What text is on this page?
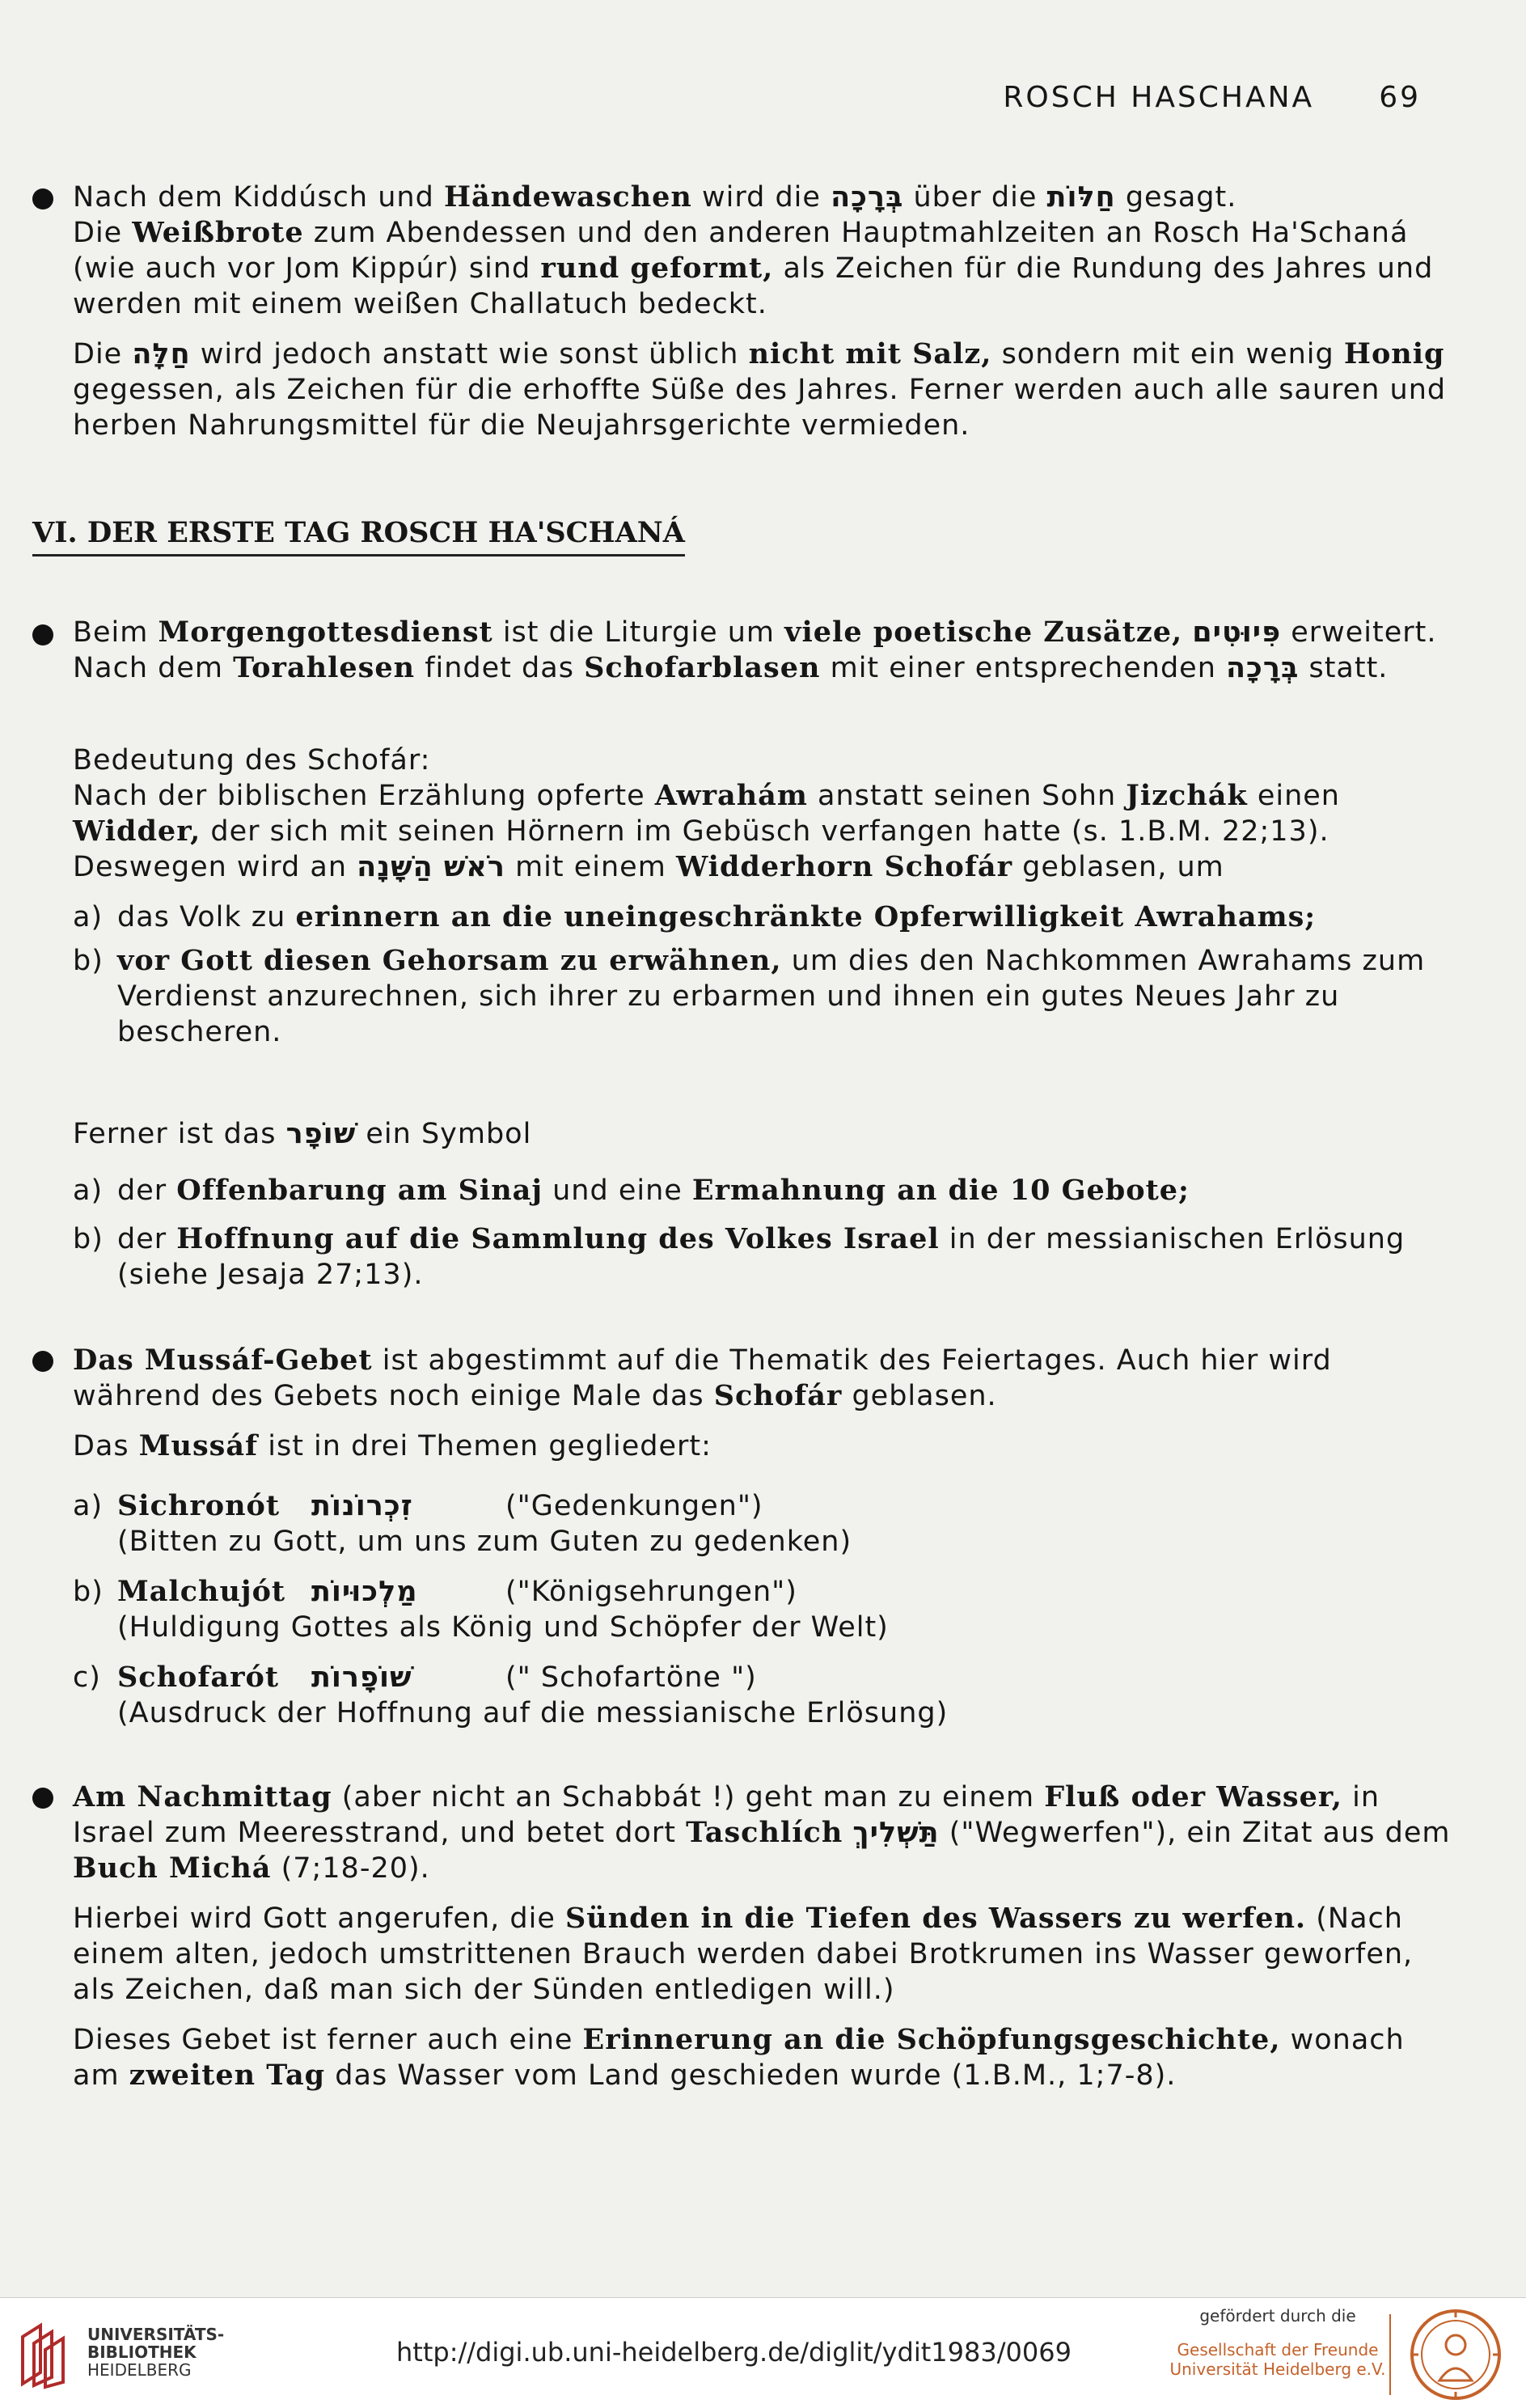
ROSCH HASCHANA 69

Nach dem Kiddúsch und Händewaschen wird die בְּרָכָה über die חַלּוֹת gesagt.
Die Weißbrote zum Abendessen und den anderen Hauptmahlzeiten an Rosch Ha'Schaná (wie auch vor Jom Kippúr) sind rund geformt, als Zeichen für die Rundung des Jahres und werden mit einem weißen Challatuch bedeckt.

Die חַלָּה wird jedoch anstatt wie sonst üblich nicht mit Salz, sondern mit ein wenig Honig gegessen, als Zeichen für die erhoffte Süße des Jahres. Ferner werden auch alle sauren und herben Nahrungsmittel für die Neujahrsgerichte vermieden.

VI. DER ERSTE TAG ROSCH HA'SCHANÁ

Beim Morgengottesdienst ist die Liturgie um viele poetische Zusätze, פִּיוּטִים erweitert. Nach dem Torahlesen findet das Schofarblasen mit einer entsprechenden בְּרָכָה statt.

Bedeutung des Schofár:
Nach der biblischen Erzählung opferte Awrahám anstatt seinen Sohn Jizchák einen Widder, der sich mit seinen Hörnern im Gebüsch verfangen hatte (s. 1.B.M. 22;13).
Deswegen wird an רֹאשׁ הַשָּׁנָה mit einem Widderhorn Schofár geblasen, um

a) das Volk zu erinnern an die uneingeschränkte Opferwilligkeit Awrahams;
b) vor Gott diesen Gehorsam zu erwähnen, um dies den Nachkommen Awrahams zum Verdienst anzurechnen, sich ihrer zu erbarmen und ihnen ein gutes Neues Jahr zu bescheren.

Ferner ist das שׁוֹפָר ein Symbol

a) der Offenbarung am Sinaj und eine Ermahnung an die 10 Gebote;
b) der Hoffnung auf die Sammlung des Volkes Israel in der messianischen Erlösung (siehe Jesaja 27;13).

Das Mussáf-Gebet ist abgestimmt auf die Thematik des Feiertages. Auch hier wird während des Gebets noch einige Male das Schofár geblasen.

Das Mussáf ist in drei Themen gegliedert:

a) Sichronót זִכְרוֹנוֹת	("Gedenkungen")
(Bitten zu Gott, um uns zum Guten zu gedenken)
b) Malchujót מַלְכוּיוֹת	("Königsehrungen")
(Huldigung Gottes als König und Schöpfer der Welt)
c) Schofarót שׁוֹפָרוֹת	(" Schofartöne ")
(Ausdruck der Hoffnung auf die messianische Erlösung)

Am Nachmittag (aber nicht an Schabbát !) geht man zu einem Fluß oder Wasser, in Israel zum Meeresstrand, und betet dort Taschlích תַּשְׁלִיךְ ("Wegwerfen"), ein Zitat aus dem Buch Michá (7;18-20).

Hierbei wird Gott angerufen, die Sünden in die Tiefen des Wassers zu werfen. (Nach einem alten, jedoch umstrittenen Brauch werden dabei Brotkrumen ins Wasser geworfen, als Zeichen, daß man sich der Sünden entledigen will.)

Dieses Gebet ist ferner auch eine Erinnerung an die Schöpfungsgeschichte, wonach am zweiten Tag das Wasser vom Land geschieden wurde (1.B.M., 1;7-8).

UNIVERSITÄTS-
BIBLIOTHEK
HEIDELBERG
http://digi.ub.uni-heidelberg.de/diglit/ydit1983/0069
gefördert durch die
Gesellschaft der Freunde
Universität Heidelberg e.V.
